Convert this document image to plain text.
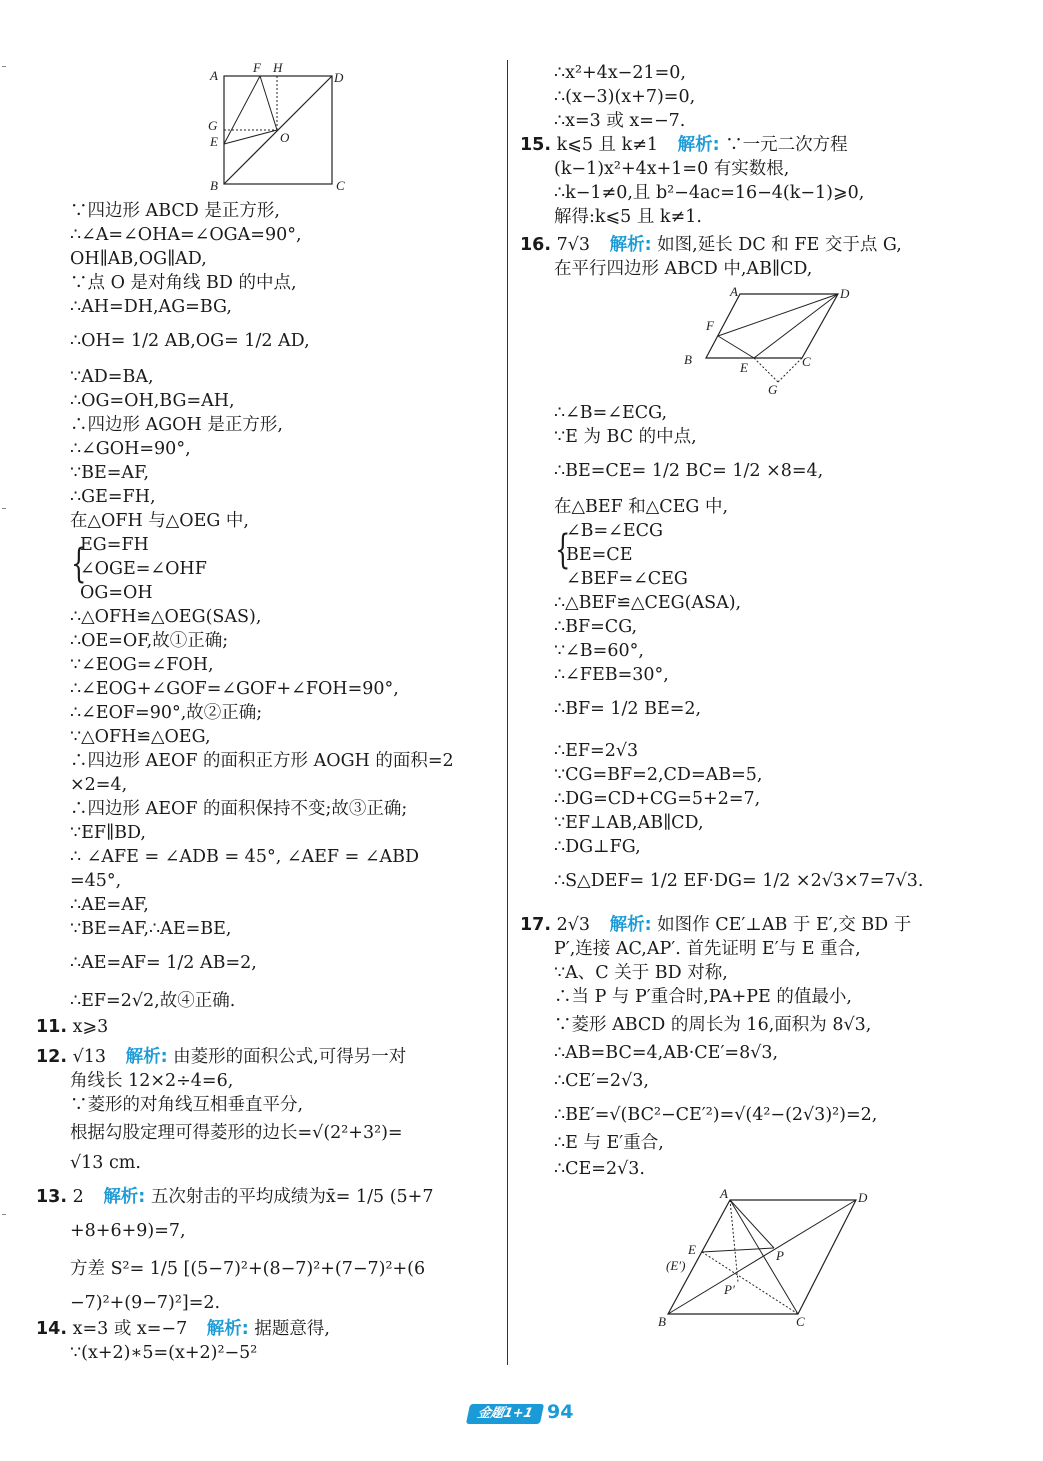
A
F H
D
G
E	O
B	C
A	D
F
B
E	C
G
A	D
E
(E′)
P
P′
B	C
∵四边形 ABCD 是正方形,
∴∠A=∠OHA=∠OGA=90°,
OH∥AB,OG∥AD,
∵点 O 是对角线 BD 的中点,
∴AH=DH,AG=BG,
∴OH= 1/2 AB,OG= 1/2 AD,
∵AD=BA,
∴OG=OH,BG=AH,
∴四边形 AGOH 是正方形,
∴∠GOH=90°,
∵BE=AF,
∴GE=FH,
在△OFH 与△OEG 中,
{
EG=FH
∠OGE=∠OHF
OG=OH
∴△OFH≌△OEG(SAS),
∴OE=OF,故①正确;
∵∠EOG=∠FOH,
∴∠EOG+∠GOF=∠GOF+∠FOH=90°,
∴∠EOF=90°,故②正确;
∵△OFH≌△OEG,
∴四边形 AEOF 的面积正方形 AOGH 的面积=2
×2=4,
∴四边形 AEOF 的面积保持不变;故③正确;
∵EF∥BD,
∴ ∠AFE = ∠ADB = 45°, ∠AEF = ∠ABD
=45°,
∴AE=AF,
∵BE=AF,∴AE=BE,
∴AE=AF= 1/2 AB=2,
∴EF=2√2,故④正确.
11. x⩾3
12. √13 解析: 由菱形的面积公式,可得另一对
角线长 12×2÷4=6,
∵菱形的对角线互相垂直平分,
根据勾股定理可得菱形的边长=√(2²+3²)=
√13 cm.
13. 2 解析: 五次射击的平均成绩为x̄= 1/5 (5+7
+8+6+9)=7,
方差 S²= 1/5 [(5−7)²+(8−7)²+(7−7)²+(6
−7)²+(9−7)²]=2.
14. x=3 或 x=−7 解析: 据题意得,
∵(x+2)∗5=(x+2)²−5²
∴x²+4x−21=0,
∴(x−3)(x+7)=0,
∴x=3 或 x=−7.
15. k⩽5 且 k≠1 解析: ∵一元二次方程
(k−1)x²+4x+1=0 有实数根,
∴k−1≠0,且 b²−4ac=16−4(k−1)⩾0,
解得:k⩽5 且 k≠1.
16. 7√3 解析: 如图,延长 DC 和 FE 交于点 G,
在平行四边形 ABCD 中,AB∥CD,
∴∠B=∠ECG,
∵E 为 BC 的中点,
∴BE=CE= 1/2 BC= 1/2 ×8=4,
在△BEF 和△CEG 中,
{
∠B=∠ECG
BE=CE
∠BEF=∠CEG
∴△BEF≌△CEG(ASA),
∴BF=CG,
∵∠B=60°,
∴∠FEB=30°,
∴BF= 1/2 BE=2,
∴EF=2√3
∵CG=BF=2,CD=AB=5,
∴DG=CD+CG=5+2=7,
∵EF⊥AB,AB∥CD,
∴DG⊥FG,
∴S△DEF= 1/2 EF·DG= 1/2 ×2√3×7=7√3.
17. 2√3 解析: 如图作 CE′⊥AB 于 E′,交 BD 于
P′,连接 AC,AP′. 首先证明 E′与 E 重合,
∵A、C 关于 BD 对称,
∴当 P 与 P′重合时,PA+PE 的值最小,
∵菱形 ABCD 的周长为 16,面积为 8√3,
∴AB=BC=4,AB·CE′=8√3,
∴CE′=2√3,
∴BE′=√(BC²−CE′²)=√(4²−(2√3)²)=2,
∴E 与 E′重合,
∴CE=2√3.
金题1+1 94
